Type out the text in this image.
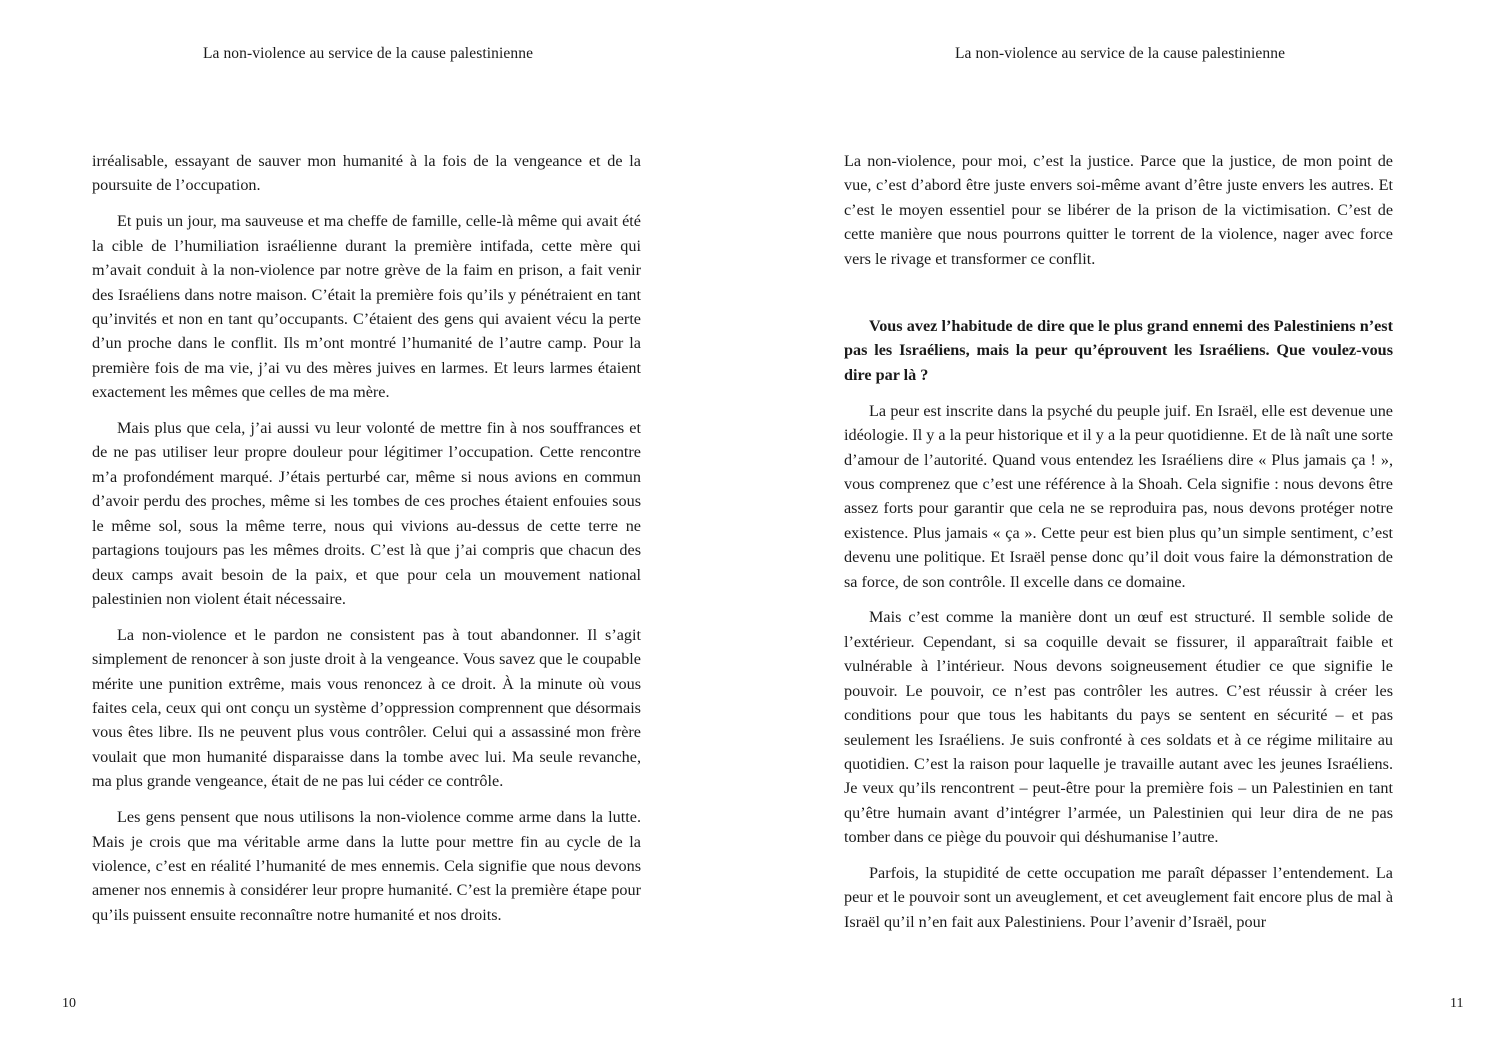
La non-violence au service de la cause palestinienne

irréalisable, essayant de sauver mon humanité à la fois de la vengeance et de la poursuite de l’occupation.

Et puis un jour, ma sauveuse et ma cheffe de famille, celle-là même qui avait été la cible de l’humiliation israélienne durant la première intifada, cette mère qui m’avait conduit à la non-violence par notre grève de la faim en prison, a fait venir des Israéliens dans notre maison. C’était la première fois qu’ils y pénétraient en tant qu’invités et non en tant qu’occupants. C’étaient des gens qui avaient vécu la perte d’un proche dans le conflit. Ils m’ont montré l’humanité de l’autre camp. Pour la première fois de ma vie, j’ai vu des mères juives en larmes. Et leurs larmes étaient exactement les mêmes que celles de ma mère.

Mais plus que cela, j’ai aussi vu leur volonté de mettre fin à nos souffrances et de ne pas utiliser leur propre douleur pour légitimer l’occupation. Cette rencontre m’a profondément marqué. J’étais perturbé car, même si nous avions en commun d’avoir perdu des proches, même si les tombes de ces proches étaient enfouies sous le même sol, sous la même terre, nous qui vivions au-dessus de cette terre ne partagions toujours pas les mêmes droits. C’est là que j’ai compris que chacun des deux camps avait besoin de la paix, et que pour cela un mouvement national palestinien non violent était nécessaire.

La non-violence et le pardon ne consistent pas à tout abandonner. Il s’agit simplement de renoncer à son juste droit à la vengeance. Vous savez que le coupable mérite une punition extrême, mais vous renoncez à ce droit. À la minute où vous faites cela, ceux qui ont conçu un système d’oppression comprennent que désormais vous êtes libre. Ils ne peuvent plus vous contrôler. Celui qui a assassiné mon frère voulait que mon humanité disparaisse dans la tombe avec lui. Ma seule revanche, ma plus grande vengeance, était de ne pas lui céder ce contrôle.

Les gens pensent que nous utilisons la non-violence comme arme dans la lutte. Mais je crois que ma véritable arme dans la lutte pour mettre fin au cycle de la violence, c’est en réalité l’humanité de mes ennemis. Cela signifie que nous devons amener nos ennemis à considérer leur propre humanité. C’est la première étape pour qu’ils puissent ensuite reconnaître notre humanité et nos droits.

10
La non-violence au service de la cause palestinienne

La non-violence, pour moi, c’est la justice. Parce que la justice, de mon point de vue, c’est d’abord être juste envers soi-même avant d’être juste envers les autres. Et c’est le moyen essentiel pour se libérer de la prison de la victimisation. C’est de cette manière que nous pourrons quitter le torrent de la violence, nager avec force vers le rivage et transformer ce conflit.

Vous avez l’habitude de dire que le plus grand ennemi des Palestiniens n’est pas les Israéliens, mais la peur qu’éprouvent les Israéliens. Que voulez-vous dire par là ?

La peur est inscrite dans la psyché du peuple juif. En Israël, elle est devenue une idéologie. Il y a la peur historique et il y a la peur quotidienne. Et de là naît une sorte d’amour de l’autorité. Quand vous entendez les Israéliens dire « Plus jamais ça ! », vous comprenez que c’est une référence à la Shoah. Cela signifie : nous devons être assez forts pour garantir que cela ne se reproduira pas, nous devons protéger notre existence. Plus jamais « ça ». Cette peur est bien plus qu’un simple sentiment, c’est devenu une politique. Et Israël pense donc qu’il doit vous faire la démonstration de sa force, de son contrôle. Il excelle dans ce domaine.

Mais c’est comme la manière dont un œuf est structuré. Il semble solide de l’extérieur. Cependant, si sa coquille devait se fissurer, il apparaîtrait faible et vulnérable à l’intérieur. Nous devons soigneusement étudier ce que signifie le pouvoir. Le pouvoir, ce n’est pas contrôler les autres. C’est réussir à créer les conditions pour que tous les habitants du pays se sentent en sécurité – et pas seulement les Israéliens. Je suis confronté à ces soldats et à ce régime militaire au quotidien. C’est la raison pour laquelle je travaille autant avec les jeunes Israéliens. Je veux qu’ils rencontrent – peut-être pour la première fois – un Palestinien en tant qu’être humain avant d’intégrer l’armée, un Palestinien qui leur dira de ne pas tomber dans ce piège du pouvoir qui déshumanise l’autre.

Parfois, la stupidité de cette occupation me paraît dépasser l’entendement. La peur et le pouvoir sont un aveuglement, et cet aveuglement fait encore plus de mal à Israël qu’il n’en fait aux Palestiniens. Pour l’avenir d’Israël, pour

11
